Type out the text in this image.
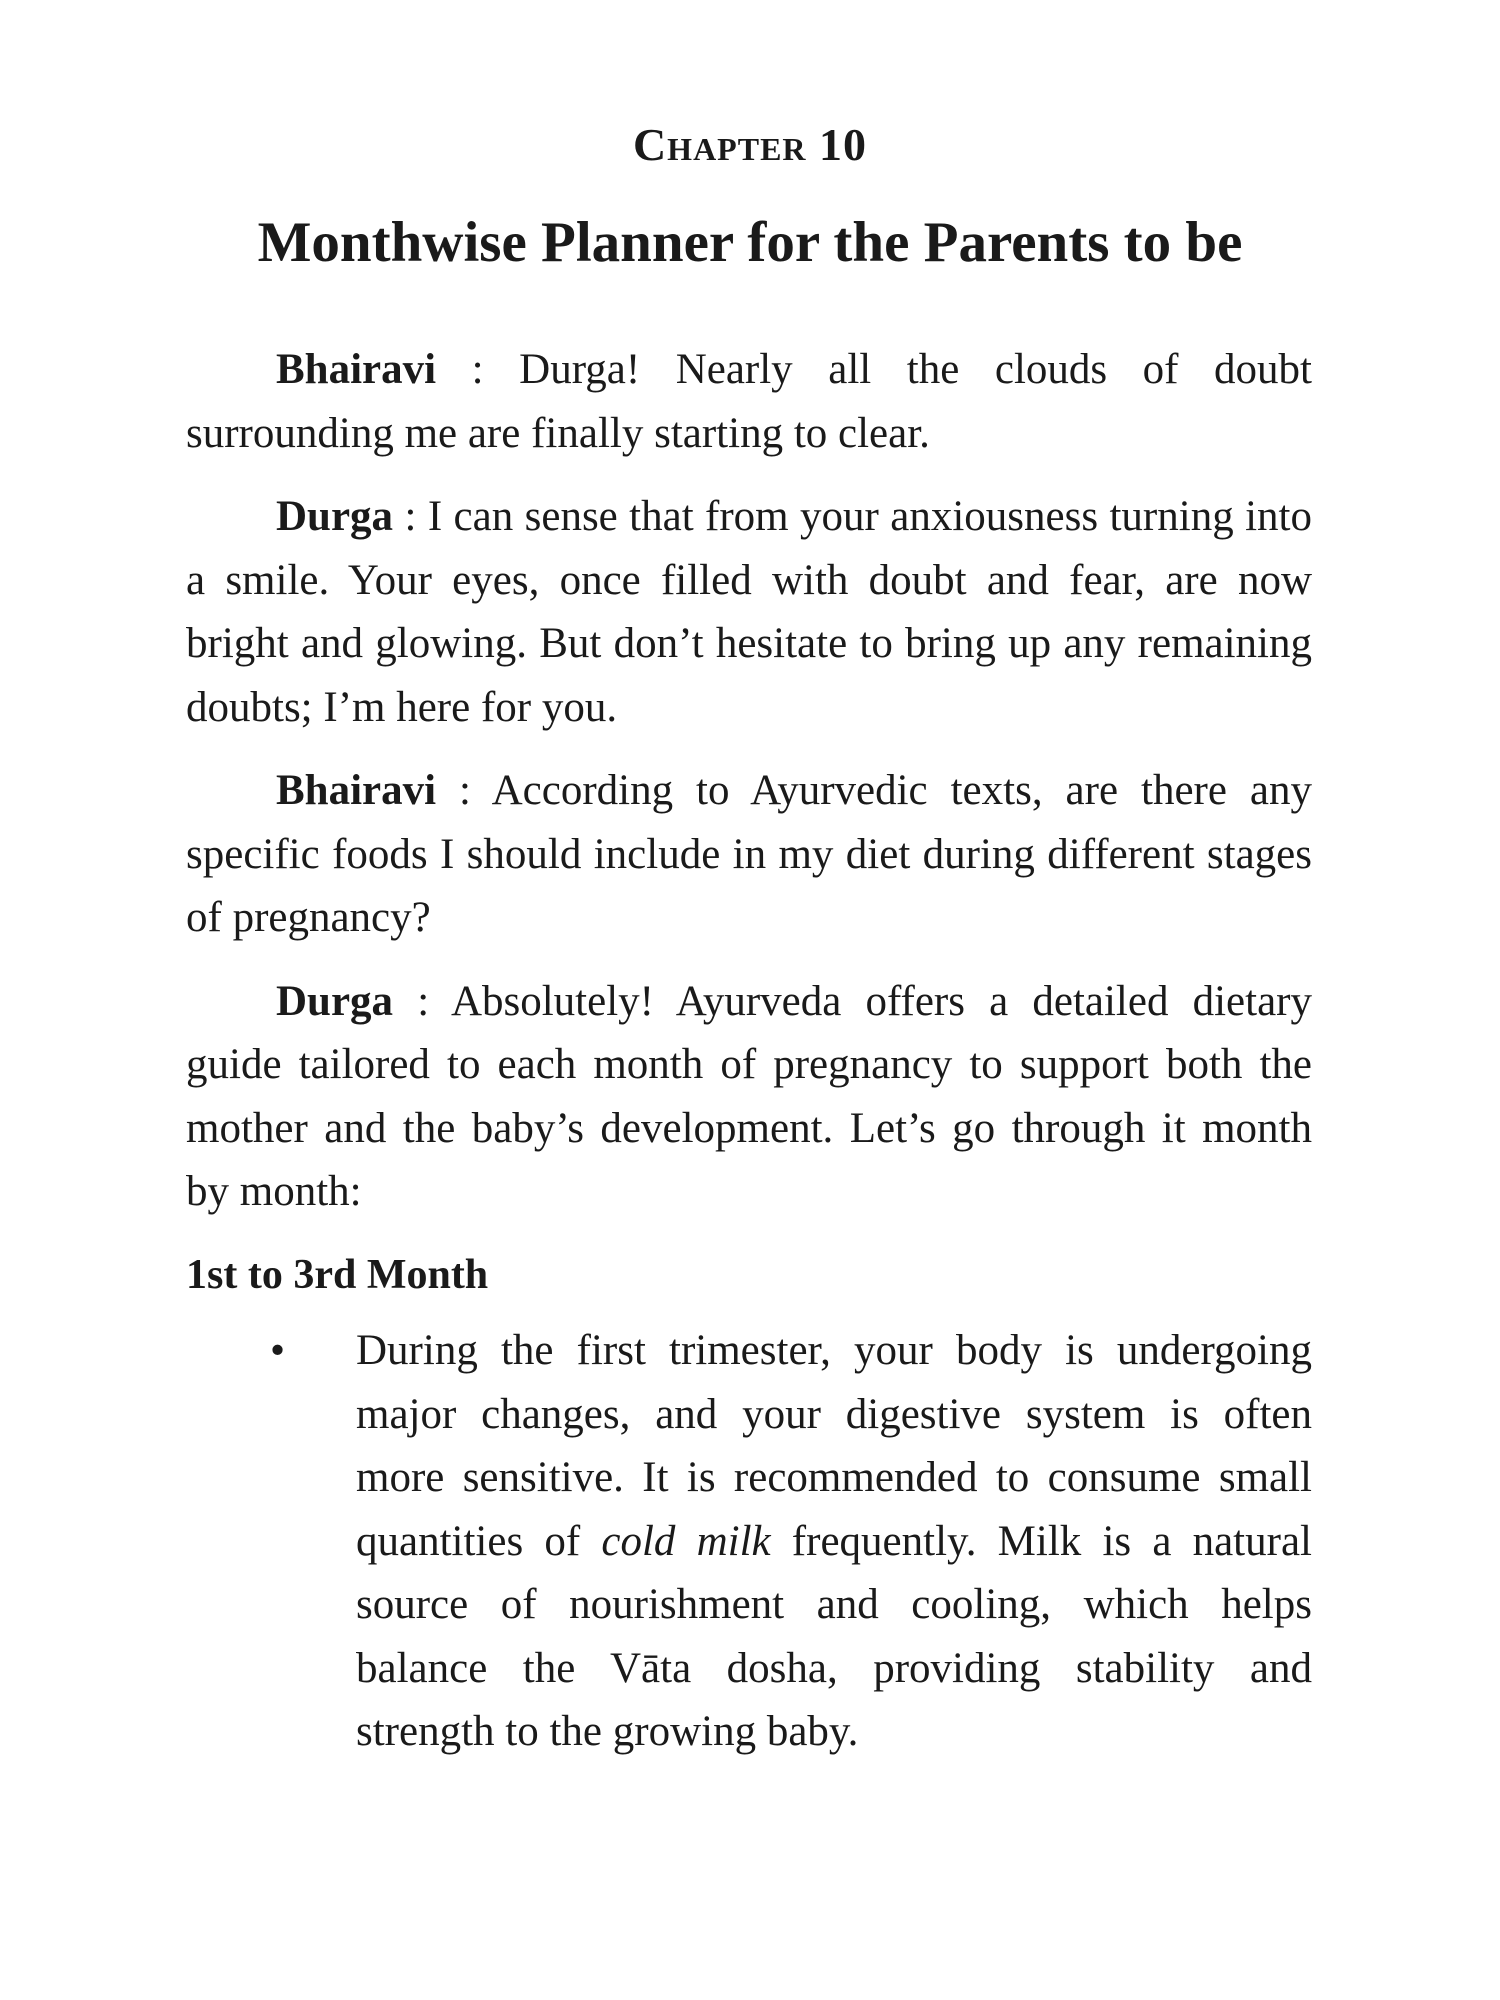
Chapter 10
Monthwise Planner for the Parents to be

Bhairavi : Durga! Nearly all the clouds of doubt surrounding me are finally starting to clear.

Durga : I can sense that from your anxiousness turning into a smile. Your eyes, once filled with doubt and fear, are now bright and glowing. But don’t hesitate to bring up any remaining doubts; I’m here for you.

Bhairavi : According to Ayurvedic texts, are there any specific foods I should include in my diet during different stages of pregnancy?

Durga : Absolutely! Ayurveda offers a detailed dietary guide tailored to each month of pregnancy to support both the mother and the baby’s development. Let’s go through it month by month:

1st to 3rd Month
• During the first trimester, your body is undergoing major changes, and your digestive system is often more sensitive. It is recommended to consume small quantities of cold milk frequently. Milk is a natural source of nourishment and cooling, which helps balance the Vāta dosha, providing stability and strength to the growing baby.
